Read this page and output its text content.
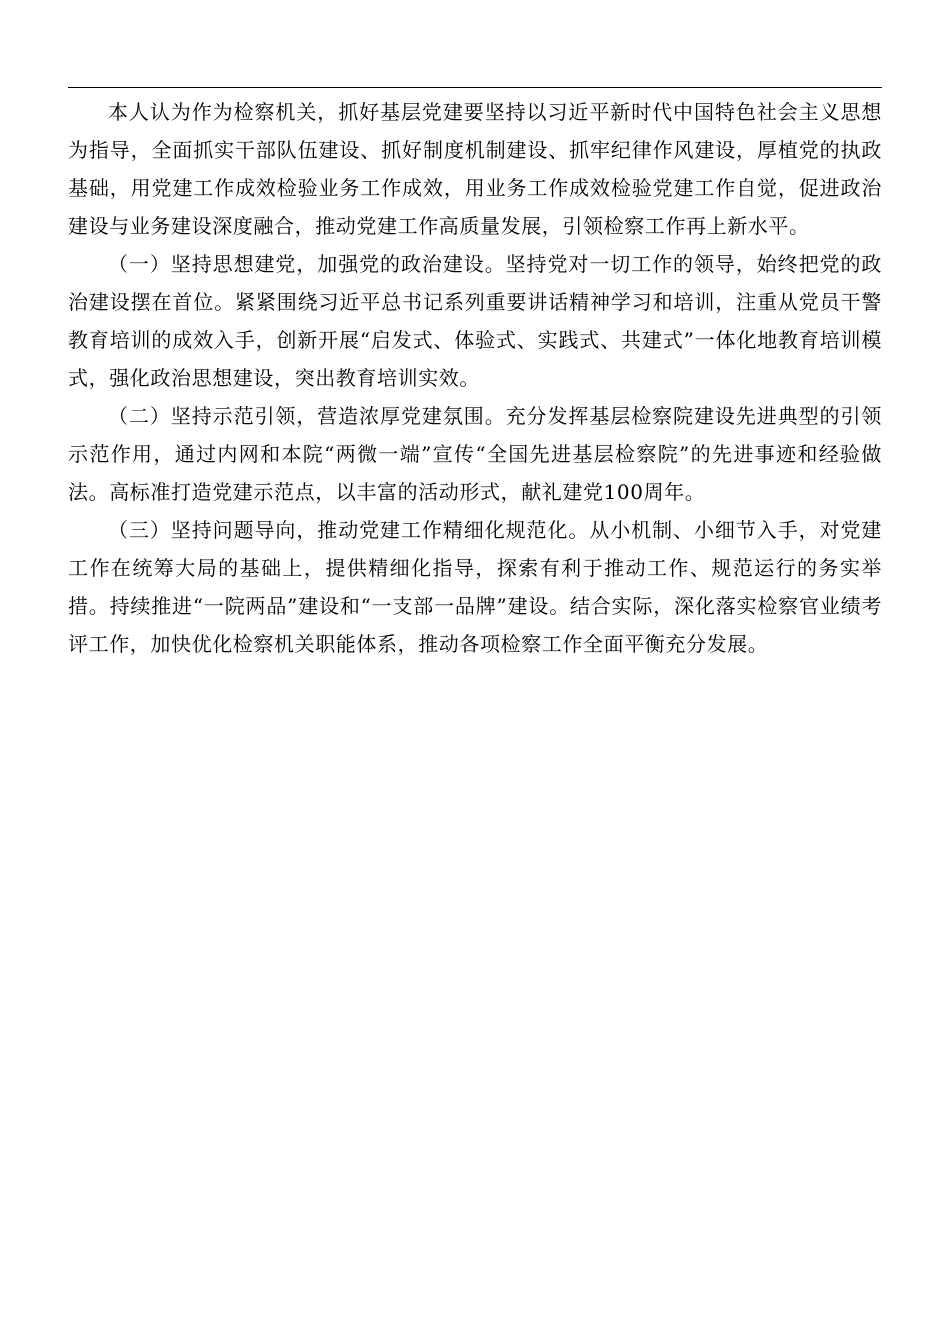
本人认为作为检察机关，抓好基层党建要坚持以习近平新时代中国特色社会主义思想为指导，全面抓实干部队伍建设、抓好制度机制建设、抓牢纪律作风建设，厚植党的执政基础，用党建工作成效检验业务工作成效，用业务工作成效检验党建工作自觉，促进政治建设与业务建设深度融合，推动党建工作高质量发展，引领检察工作再上新水平。

（一）坚持思想建党，加强党的政治建设。坚持党对一切工作的领导，始终把党的政治建设摆在首位。紧紧围绕习近平总书记系列重要讲话精神学习和培训，注重从党员干警教育培训的成效入手，创新开展“启发式、体验式、实践式、共建式”一体化地教育培训模式，强化政治思想建设，突出教育培训实效。

（二）坚持示范引领，营造浓厚党建氛围。充分发挥基层检察院建设先进典型的引领示范作用，通过内网和本院“两微一端”宣传“全国先进基层检察院”的先进事迹和经验做法。高标准打造党建示范点，以丰富的活动形式，献礼建党100周年。

（三）坚持问题导向，推动党建工作精细化规范化。从小机制、小细节入手，对党建工作在统筹大局的基础上，提供精细化指导，探索有利于推动工作、规范运行的务实举措。持续推进“一院两品”建设和“一支部一品牌”建设。结合实际，深化落实检察官业绩考评工作，加快优化检察机关职能体系，推动各项检察工作全面平衡充分发展。
